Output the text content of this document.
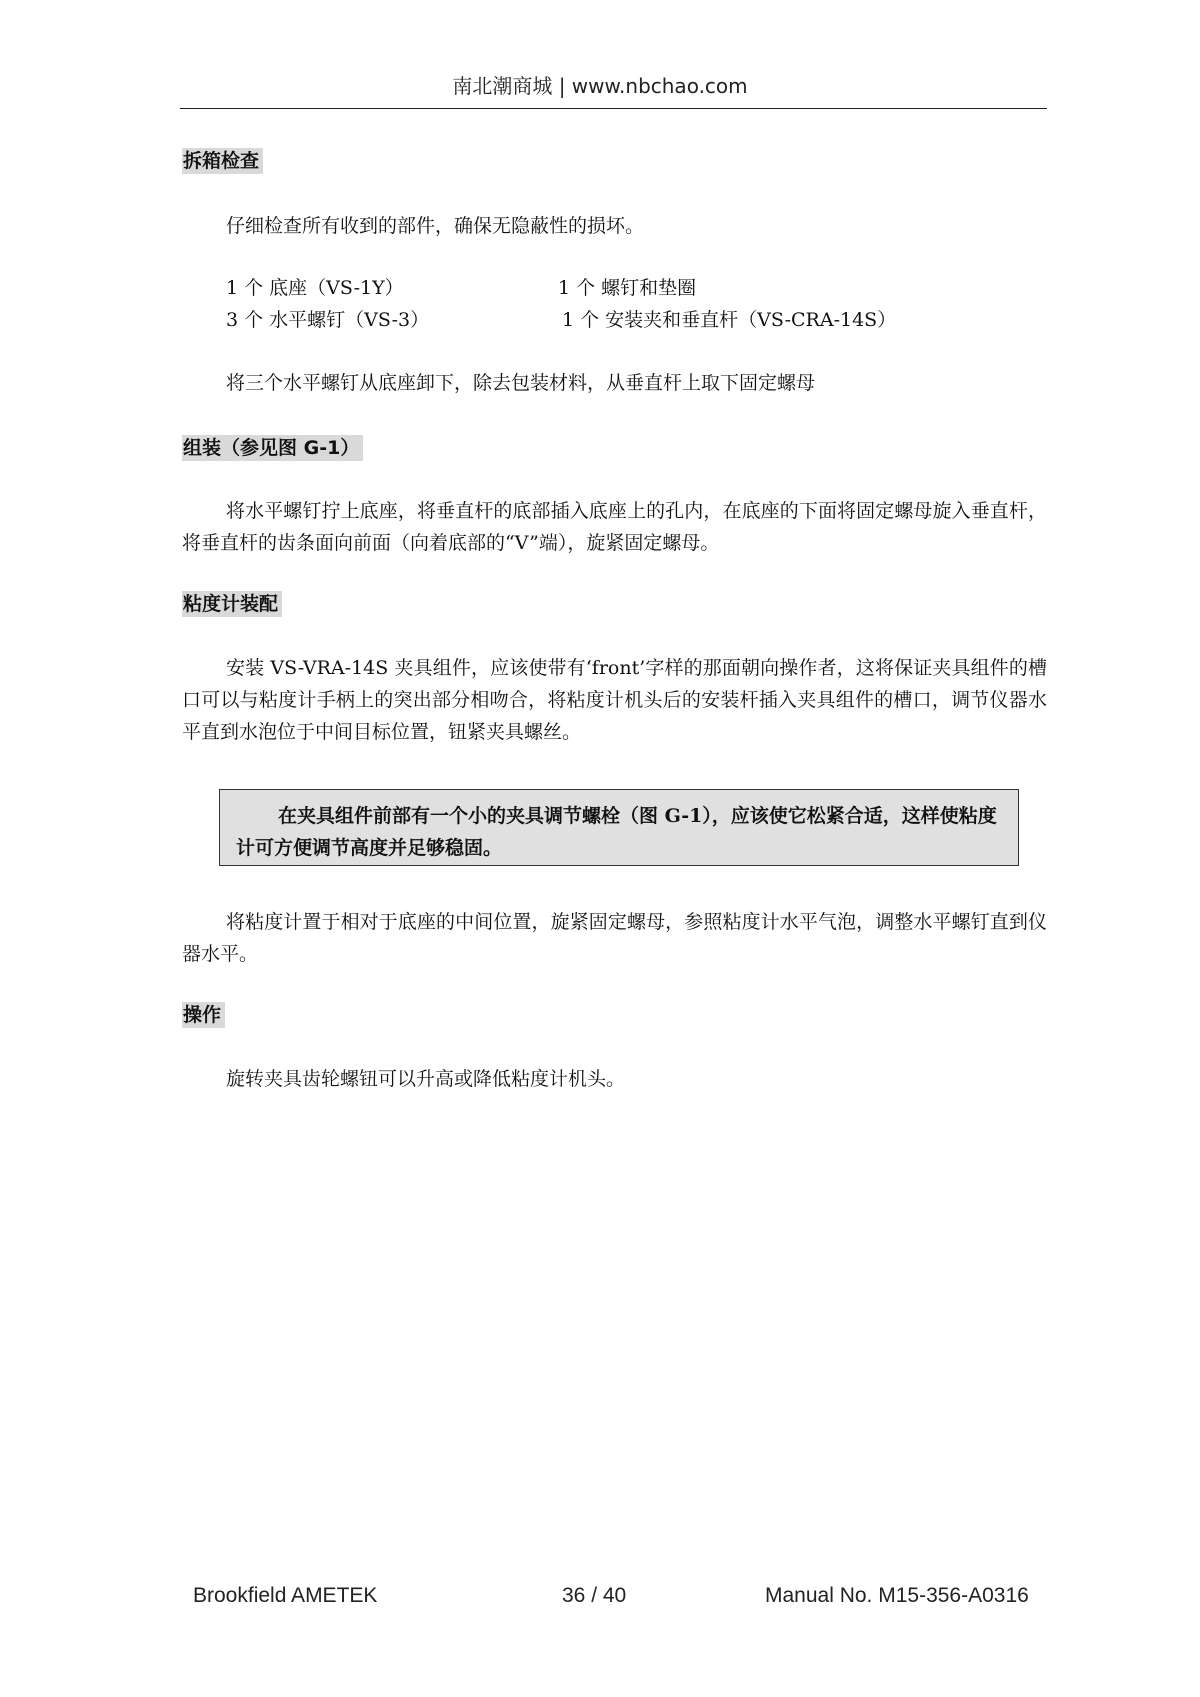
南北潮商城 | www.nbchao.com
拆箱检查
仔细检查所有收到的部件，确保无隐蔽性的损坏。
1 个 底座（VS-1Y）	1 个 螺钉和垫圈
3 个 水平螺钉（VS-3）	1 个 安装夹和垂直杆（VS-CRA-14S）
将三个水平螺钉从底座卸下，除去包装材料，从垂直杆上取下固定螺母
组装（参见图 G-1）
将水平螺钉拧上底座，将垂直杆的底部插入底座上的孔内，在底座的下面将固定螺母旋入垂直杆，将垂直杆的齿条面向前面（向着底部的“V”端），旋紧固定螺母。
粘度计装配
安装 VS-VRA-14S 夹具组件，应该使带有‘front’字样的那面朝向操作者，这将保证夹具组件的槽口可以与粘度计手柄上的突出部分相吻合，将粘度计机头后的安装杆插入夹具组件的槽口，调节仪器水平直到水泡位于中间目标位置，钮紧夹具螺丝。

在夹具组件前部有一个小的夹具调节螺栓（图 G-1），应该使它松紧合适，这样使粘度计可方便调节高度并足够稳固。

将粘度计置于相对于底座的中间位置，旋紧固定螺母，参照粘度计水平气泡，调整水平螺钉直到仪器水平。
操作
旋转夹具齿轮螺钮可以升高或降低粘度计机头。
Brookfield AMETEK	36 / 40	Manual No. M15-356-A0316
